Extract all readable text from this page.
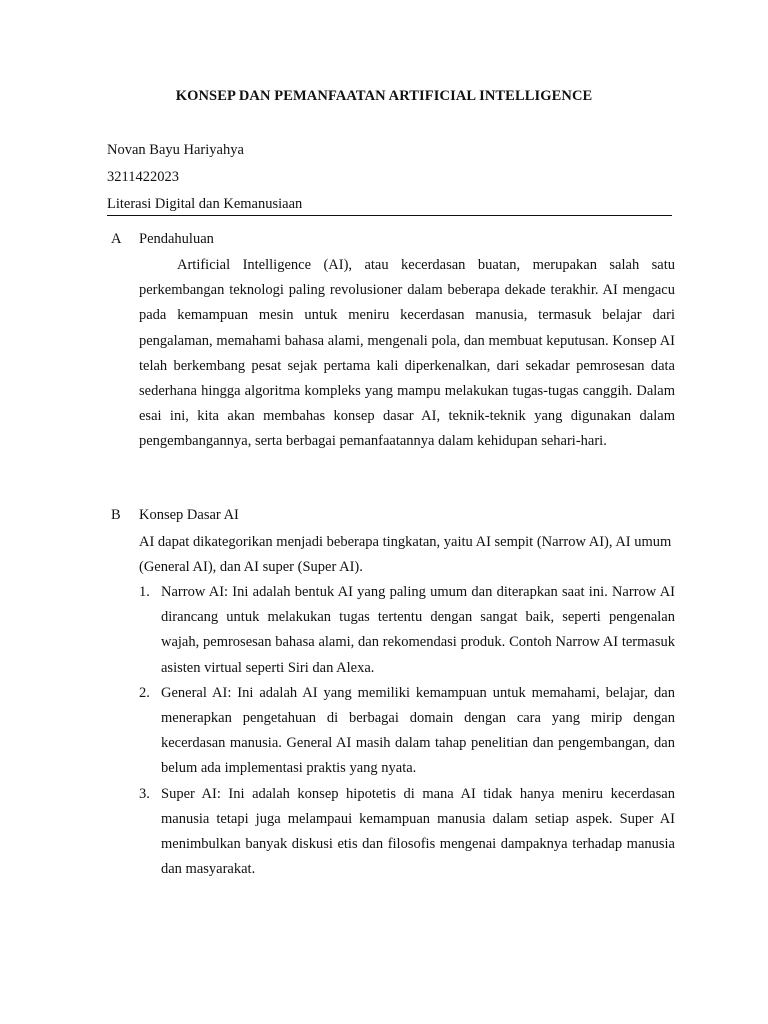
KONSEP DAN PEMANFAATAN ARTIFICIAL INTELLIGENCE
Novan Bayu Hariyahya
3211422023
Literasi Digital dan Kemanusiaan
A Pendahuluan

Artificial Intelligence (AI), atau kecerdasan buatan, merupakan salah satu perkembangan teknologi paling revolusioner dalam beberapa dekade terakhir. AI mengacu pada kemampuan mesin untuk meniru kecerdasan manusia, termasuk belajar dari pengalaman, memahami bahasa alami, mengenali pola, dan membuat keputusan. Konsep AI telah berkembang pesat sejak pertama kali diperkenalkan, dari sekadar pemrosesan data sederhana hingga algoritma kompleks yang mampu melakukan tugas-tugas canggih. Dalam esai ini, kita akan membahas konsep dasar AI, teknik-teknik yang digunakan dalam pengembangannya, serta berbagai pemanfaatannya dalam kehidupan sehari-hari.

B Konsep Dasar AI

AI dapat dikategorikan menjadi beberapa tingkatan, yaitu AI sempit (Narrow AI), AI umum (General AI), dan AI super (Super AI).

1. Narrow AI: Ini adalah bentuk AI yang paling umum dan diterapkan saat ini. Narrow AI dirancang untuk melakukan tugas tertentu dengan sangat baik, seperti pengenalan wajah, pemrosesan bahasa alami, dan rekomendasi produk. Contoh Narrow AI termasuk asisten virtual seperti Siri dan Alexa.
2. General AI: Ini adalah AI yang memiliki kemampuan untuk memahami, belajar, dan menerapkan pengetahuan di berbagai domain dengan cara yang mirip dengan kecerdasan manusia. General AI masih dalam tahap penelitian dan pengembangan, dan belum ada implementasi praktis yang nyata.
3. Super AI: Ini adalah konsep hipotetis di mana AI tidak hanya meniru kecerdasan manusia tetapi juga melampaui kemampuan manusia dalam setiap aspek. Super AI menimbulkan banyak diskusi etis dan filosofis mengenai dampaknya terhadap manusia dan masyarakat.
